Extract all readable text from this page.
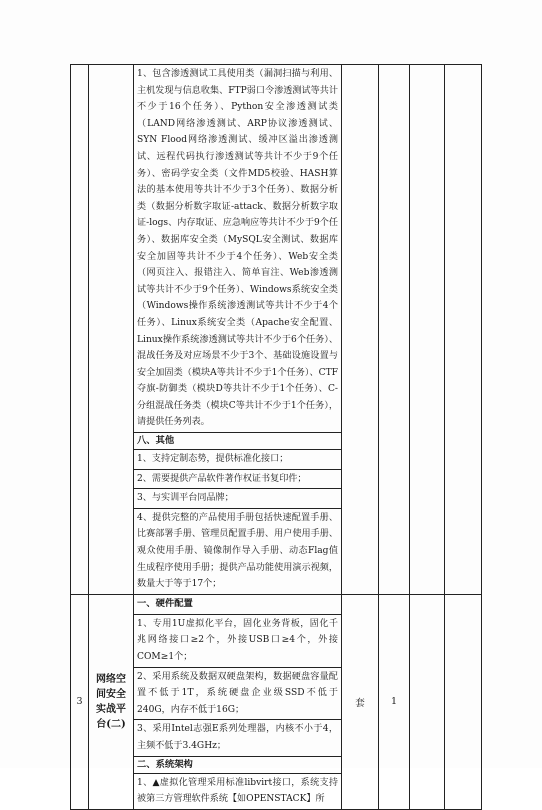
		1、包含渗透测试工具使用类（漏洞扫描与利用、主机发现与信息收集、FTP弱口令渗透测试等共计不少于16个任务）、Python安全渗透测试类（LAND网络渗透测试、ARP协议渗透测试、SYN Flood网络渗透测试、缓冲区溢出渗透测试、远程代码执行渗透测试等共计不少于9个任务）、密码学安全类（文件MD5校验、HASH算法的基本使用等共计不少于3个任务）、数据分析类（数据分析数字取证-attack、数据分析数字取证-logs、内存取证、应急响应等共计不少于9个任务）、数据库安全类（MySQL安全测试、数据库安全加固等共计不少于4个任务）、Web安全类（网页注入、报错注入、简单盲注、Web渗透测试等共计不少于9个任务）、Windows系统安全类（Windows操作系统渗透测试等共计不少于4个任务）、Linux系统安全类（Apache安全配置、Linux操作系统渗透测试等共计不少于6个任务）、混战任务及对应场景不少于3个、基础设施设置与安全加固类（模块A等共计不少于1个任务）、CTF夺旗-防御类（模块D等共计不少于1个任务）、C-分组混战任务类（模块C等共计不少于1个任务），请提供任务列表。				

		八、其他				
		1、支持定制态势，提供标准化接口；				
		2、需要提供产品软件著作权证书复印件；				
		3、与实训平台同品牌；				
		4、提供完整的产品使用手册包括快速配置手册、比赛部署手册、管理员配置手册、用户使用手册、观众使用手册、镜像制作导入手册、动态Flag值生成程序使用手册；提供产品功能使用演示视频，数量大于等于17个；				
3	网络空间安全实战平台(二)	一、硬件配置	套	1		
		1、专用1U虚拟化平台，固化业务背板，固化千兆网络接口≥2个，外接USB口≥4个，外接COM≥1个；				
		2、采用系统及数据双硬盘架构，数据硬盘容量配置不低于1T，系统硬盘企业级SSD不低于240G，内存不低于16G；				
		3、采用Intel志强E系列处理器，内核不小于4，主频不低于3.4GHz；				
		二、系统架构				
		1、▲虚拟化管理采用标准libvirt接口，系统支持被第三方管理软件系统【如OPENSTACK】所				
